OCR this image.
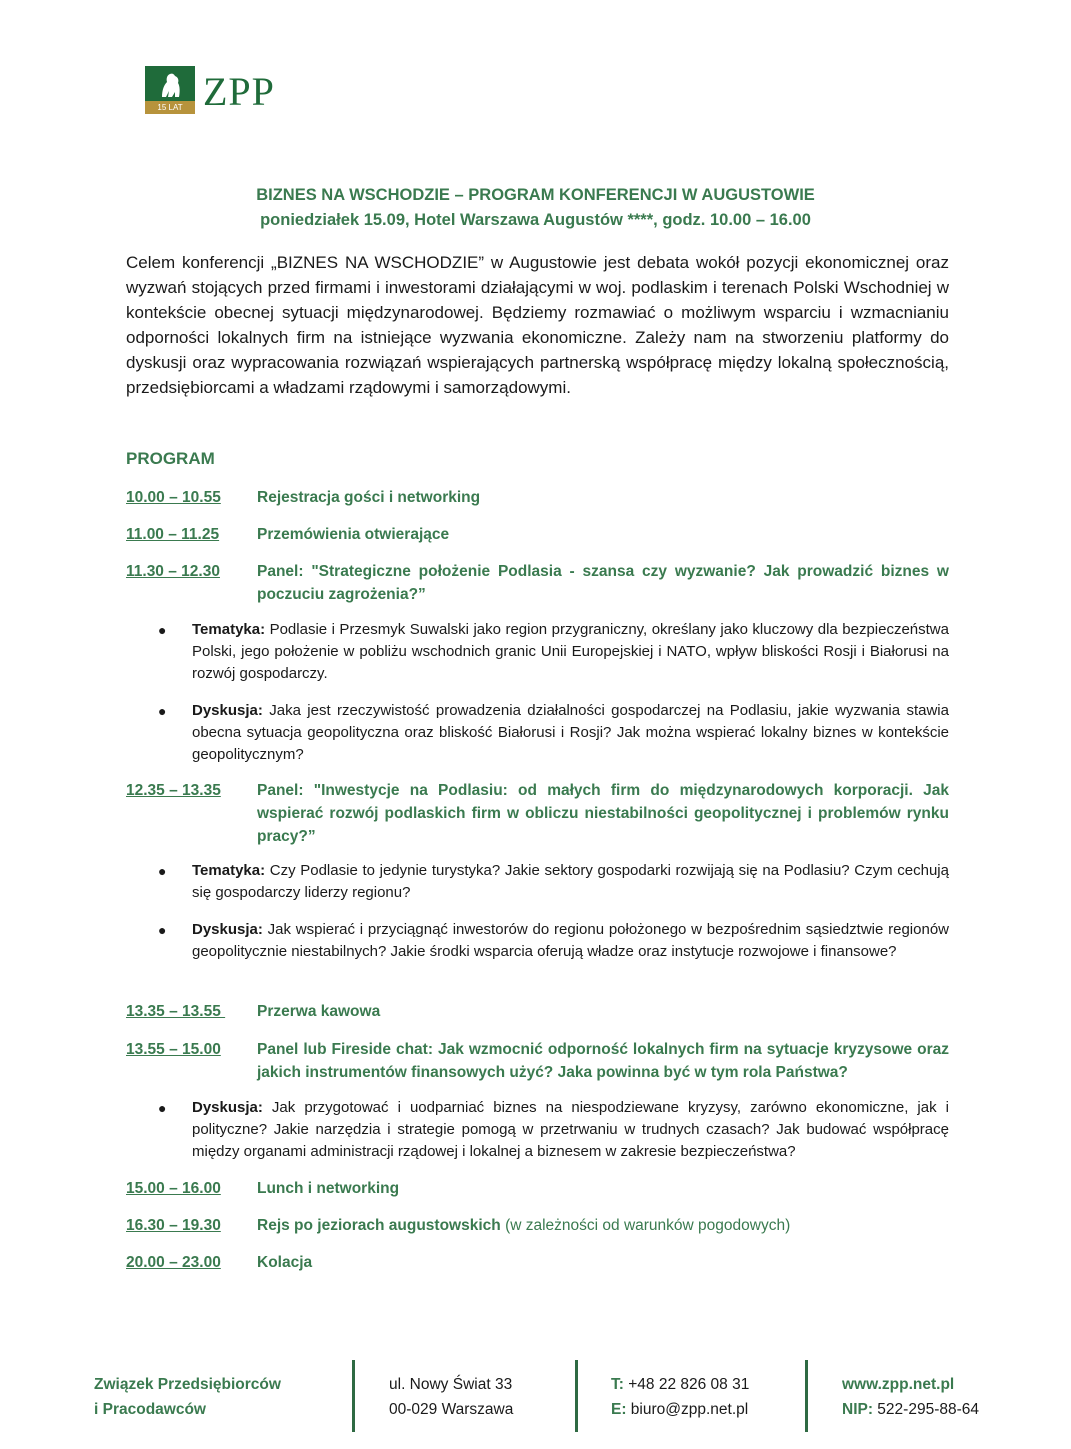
15 LAT ZPP
BIZNES NA WSCHODZIE – PROGRAM KONFERENCJI W AUGUSTOWIE
poniedziałek 15.09, Hotel Warszawa Augustów ****, godz. 10.00 – 16.00

Celem konferencji „BIZNES NA WSCHODZIE” w Augustowie jest debata wokół pozycji ekonomicznej oraz wyzwań stojących przed firmami i inwestorami działającymi w woj. podlaskim i terenach Polski Wschodniej w kontekście obecnej sytuacji międzynarodowej. Będziemy rozmawiać o możliwym wsparciu i wzmacnianiu odporności lokalnych firm na istniejące wyzwania ekonomiczne. Zależy nam na stworzeniu platformy do dyskusji oraz wypracowania rozwiązań wspierających partnerską współpracę między lokalną społecznością, przedsiębiorcami a władzami rządowymi i samorządowymi.

PROGRAM
10.00 – 10.55 Rejestracja gości i networking
11.00 – 11.25 Przemówienia otwierające
11.30 – 12.30 Panel: "Strategiczne położenie Podlasia - szansa czy wyzwanie? Jak prowadzić biznes w poczuciu zagrożenia?”
● Tematyka: Podlasie i Przesmyk Suwalski jako region przygraniczny, określany jako kluczowy dla bezpieczeństwa Polski, jego położenie w pobliżu wschodnich granic Unii Europejskiej i NATO, wpływ bliskości Rosji i Białorusi na rozwój gospodarczy.
● Dyskusja: Jaka jest rzeczywistość prowadzenia działalności gospodarczej na Podlasiu, jakie wyzwania stawia obecna sytuacja geopolityczna oraz bliskość Białorusi i Rosji? Jak można wspierać lokalny biznes w kontekście geopolitycznym?
12.35 – 13.35 Panel: "Inwestycje na Podlasiu: od małych firm do międzynarodowych korporacji. Jak wspierać rozwój podlaskich firm w obliczu niestabilności geopolitycznej i problemów rynku pracy?”
● Tematyka: Czy Podlasie to jedynie turystyka? Jakie sektory gospodarki rozwijają się na Podlasiu? Czym cechują się gospodarczy liderzy regionu?
● Dyskusja: Jak wspierać i przyciągnąć inwestorów do regionu położonego w bezpośrednim sąsiedztwie regionów geopolitycznie niestabilnych? Jakie środki wsparcia oferują władze oraz instytucje rozwojowe i finansowe?
13.35 – 13.55 Przerwa kawowa
13.55 – 15.00 Panel lub Fireside chat: Jak wzmocnić odporność lokalnych firm na sytuacje kryzysowe oraz jakich instrumentów finansowych użyć? Jaka powinna być w tym rola Państwa?
● Dyskusja: Jak przygotować i uodparniać biznes na niespodziewane kryzysy, zarówno ekonomiczne, jak i polityczne? Jakie narzędzia i strategie pomogą w przetrwaniu w trudnych czasach? Jak budować współpracę między organami administracji rządowej i lokalnej a biznesem w zakresie bezpieczeństwa?
15.00 – 16.00 Lunch i networking
16.30 – 19.30 Rejs po jeziorach augustowskich (w zależności od warunków pogodowych)
20.00 – 23.00 Kolacja
Związek Przedsiębiorców
i Pracodawców
ul. Nowy Świat 33
00-029 Warszawa
T: +48 22 826 08 31
E: biuro@zpp.net.pl
www.zpp.net.pl
NIP: 522-295-88-64
